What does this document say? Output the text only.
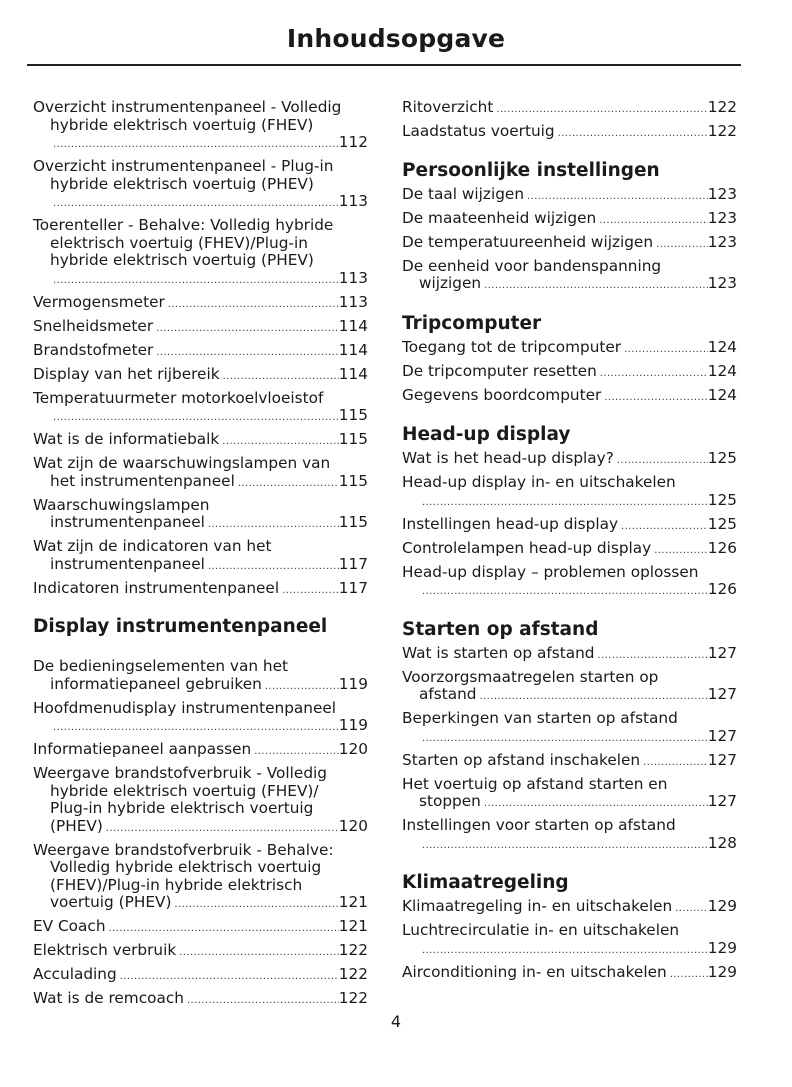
Inhoudsopgave
Overzicht instrumentenpaneel - Volledig
hybride elektrisch voertuig (FHEV)
.....
112
Overzicht instrumentenpaneel - Plug-in
hybride elektrisch voertuig (PHEV)
.....
113
Toerenteller - Behalve: Volledig hybride
elektrisch voertuig (FHEV)/Plug-in
hybride elektrisch voertuig (PHEV)
.....
113
Vermogensmeter .....	113
Snelheidsmeter .....	114
Brandstofmeter .....	114
Display van het rijbereik .....	114
Temperatuurmeter motorkoelvloeistof
.....
115
Wat is de informatiebalk .....	115
Wat zijn de waarschuwingslampen van
het instrumentenpaneel .....	115
Waarschuwingslampen
instrumentenpaneel .....	115
Wat zijn de indicatoren van het
instrumentenpaneel .....	117
Indicatoren instrumentenpaneel .....	117
Display instrumentenpaneel
De bedieningselementen van het
informatiepaneel gebruiken .....	119
Hoofdmenudisplay instrumentenpaneel
.....
119
Informatiepaneel aanpassen .....	120
Weergave brandstofverbruik - Volledig
hybride elektrisch voertuig (FHEV)/
Plug-in hybride elektrisch voertuig
(PHEV) .....	120
Weergave brandstofverbruik - Behalve:
Volledig hybride elektrisch voertuig
(FHEV)/Plug-in hybride elektrisch
voertuig (PHEV) .....	121
EV Coach .....	121
Elektrisch verbruik .....	122
Acculading .....	122
Wat is de remcoach .....	122
Ritoverzicht .....	122
Laadstatus voertuig .....	122
Persoonlijke instellingen
De taal wijzigen .....	123
De maateenheid wijzigen .....	123
De temperatuureenheid wijzigen .....	123
De eenheid voor bandenspanning
wijzigen .....	123
Tripcomputer
Toegang tot de tripcomputer .....	124
De tripcomputer resetten .....	124
Gegevens boordcomputer .....	124
Head-up display
Wat is het head-up display? .....	125
Head-up display in- en uitschakelen
.....
125
Instellingen head-up display .....	125
Controlelampen head-up display .....	126
Head-up display – problemen oplossen
.....
126
Starten op afstand
Wat is starten op afstand .....	127
Voorzorgsmaatregelen starten op
afstand .....	127
Beperkingen van starten op afstand
.....
127
Starten op afstand inschakelen .....	127
Het voertuig op afstand starten en
stoppen .....	127
Instellingen voor starten op afstand
.....
128
Klimaatregeling
Klimaatregeling in- en uitschakelen ..... 129
Luchtrecirculatie in- en uitschakelen
.....
129
Airconditioning in- en uitschakelen .....	129
4
